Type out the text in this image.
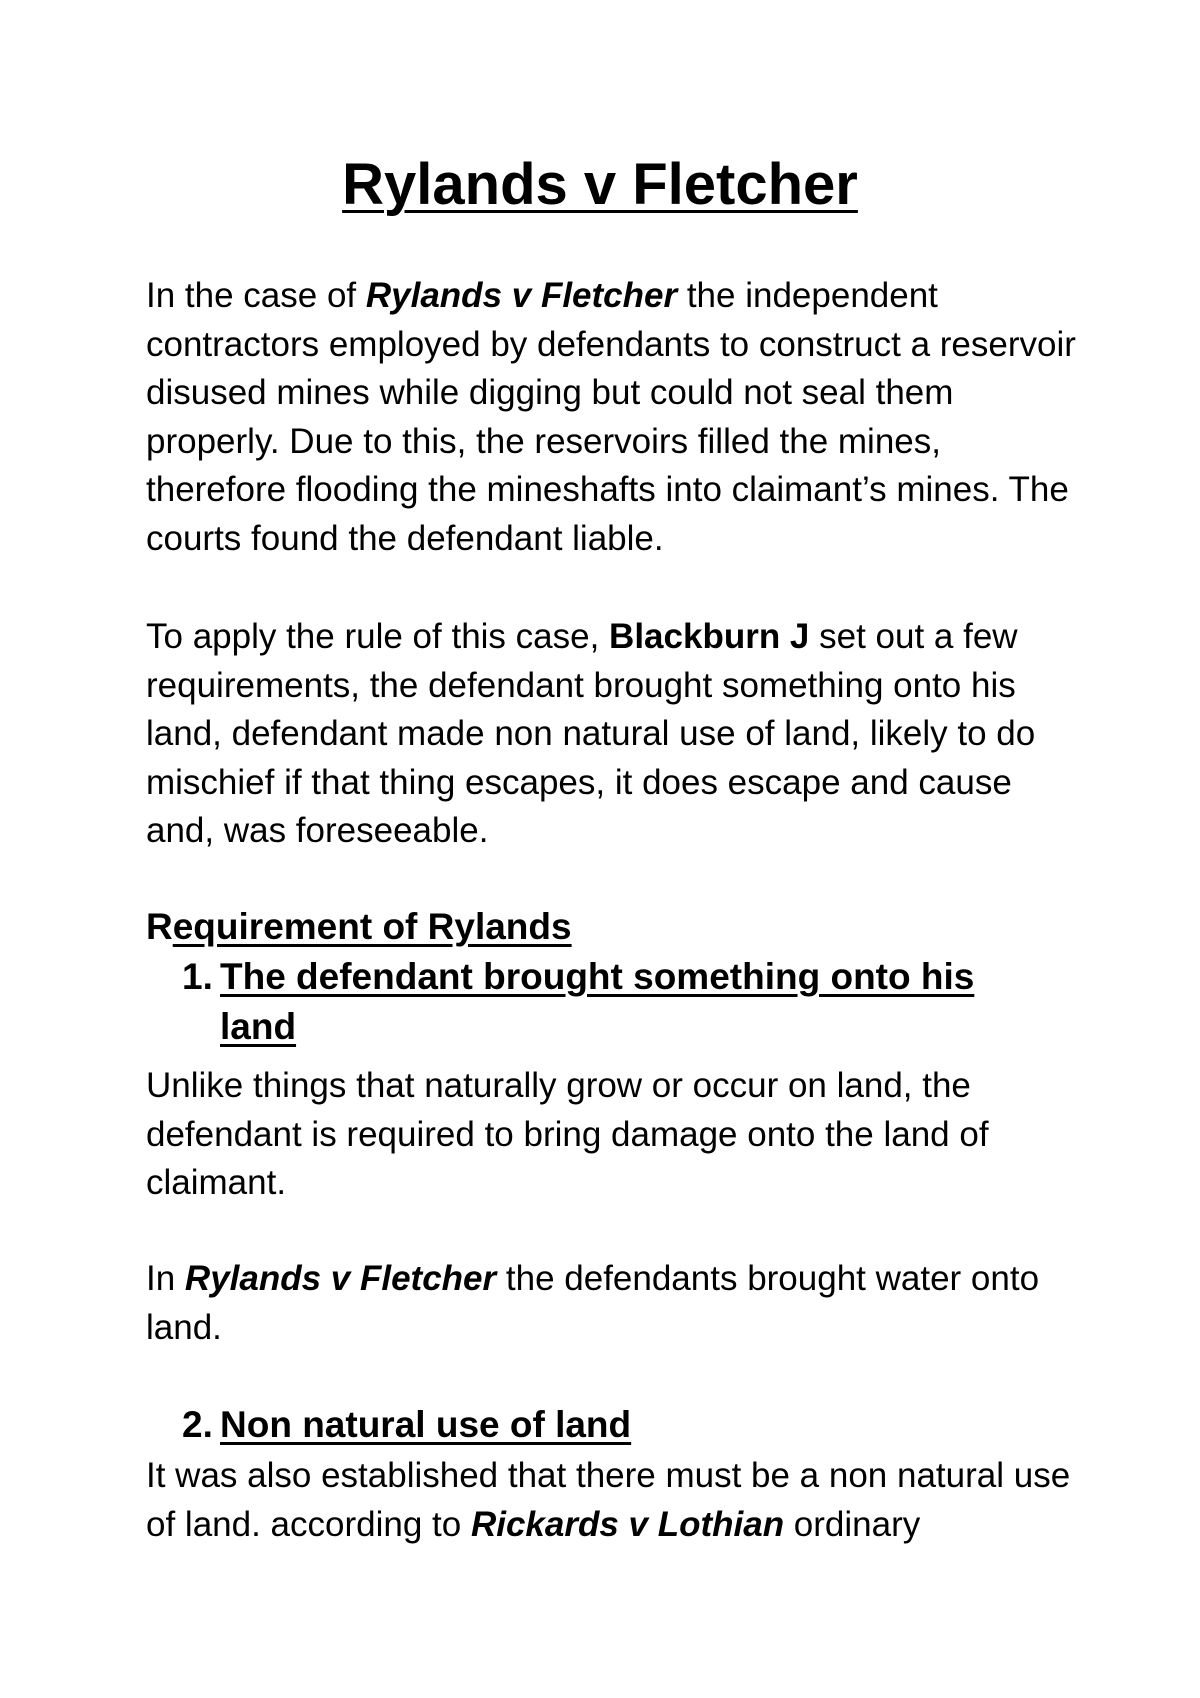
Rylands v Fletcher
In the case of Rylands v Fletcher the independent contractors employed by defendants to construct a reservoir disused mines while digging but could not seal them properly. Due to this, the reservoirs filled the mines, therefore flooding the mineshafts into claimant’s mines. The courts found the defendant liable.
To apply the rule of this case, Blackburn J set out a few requirements, the defendant brought something onto his land, defendant made non natural use of land, likely to do mischief if that thing escapes, it does escape and cause and, was foreseeable.
Requirement of Rylands
1. The defendant brought something onto his
land
Unlike things that naturally grow or occur on land, the defendant is required to bring damage onto the land of claimant.
In Rylands v Fletcher the defendants brought water onto land.
2. Non natural use of land
It was also established that there must be a non natural use of land. according to Rickards v Lothian ordinary
